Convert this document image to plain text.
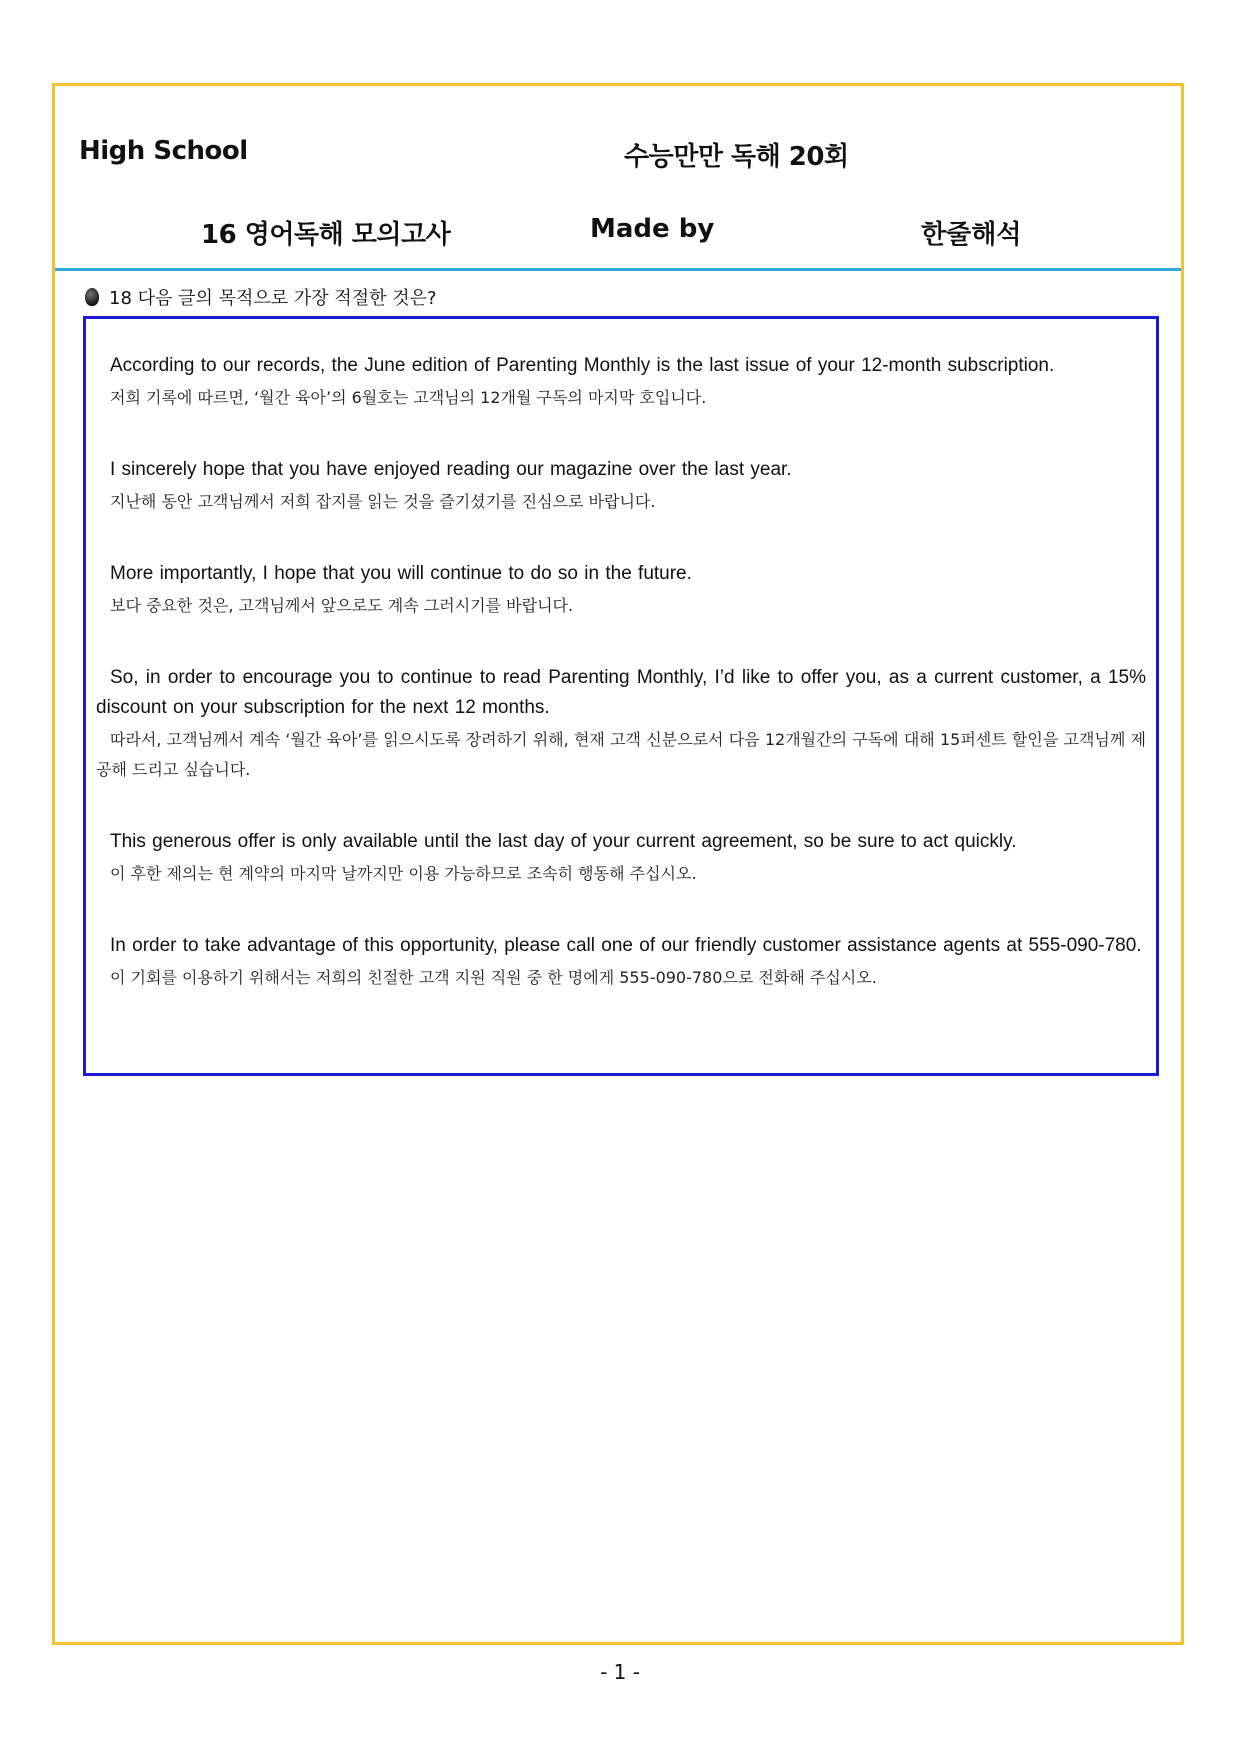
High School	수능만만 독해 20회
16 영어독해 모의고사	Made by	한줄해석
18 다음 글의 목적으로 가장 적절한 것은?

According to our records, the June edition of Parenting Monthly is the last issue of your 12-month subscription.

저희 기록에 따르면, ‘월간 육아’의 6월호는 고객님의 12개월 구독의 마지막 호입니다.

I sincerely hope that you have enjoyed reading our magazine over the last year.

지난해 동안 고객님께서 저희 잡지를 읽는 것을 즐기셨기를 진심으로 바랍니다.

More importantly, I hope that you will continue to do so in the future.

보다 중요한 것은, 고객님께서 앞으로도 계속 그러시기를 바랍니다.

So, in order to encourage you to continue to read Parenting Monthly, I’d like to offer you, as a current customer, a 15% discount on your subscription for the next 12 months.

따라서, 고객님께서 계속 ‘월간 육아’를 읽으시도록 장려하기 위해, 현재 고객 신분으로서 다음 12개월간의 구독에 대해 15퍼센트 할인을 고객님께 제공해 드리고 싶습니다.

This generous offer is only available until the last day of your current agreement, so be sure to act quickly.

이 후한 제의는 현 계약의 마지막 날까지만 이용 가능하므로 조속히 행동해 주십시오.

In order to take advantage of this opportunity, please call one of our friendly customer assistance agents at 555-090-780.

이 기회를 이용하기 위해서는 저희의 친절한 고객 지원 직원 중 한 명에게 555-090-780으로 전화해 주십시오.

- 1 -
